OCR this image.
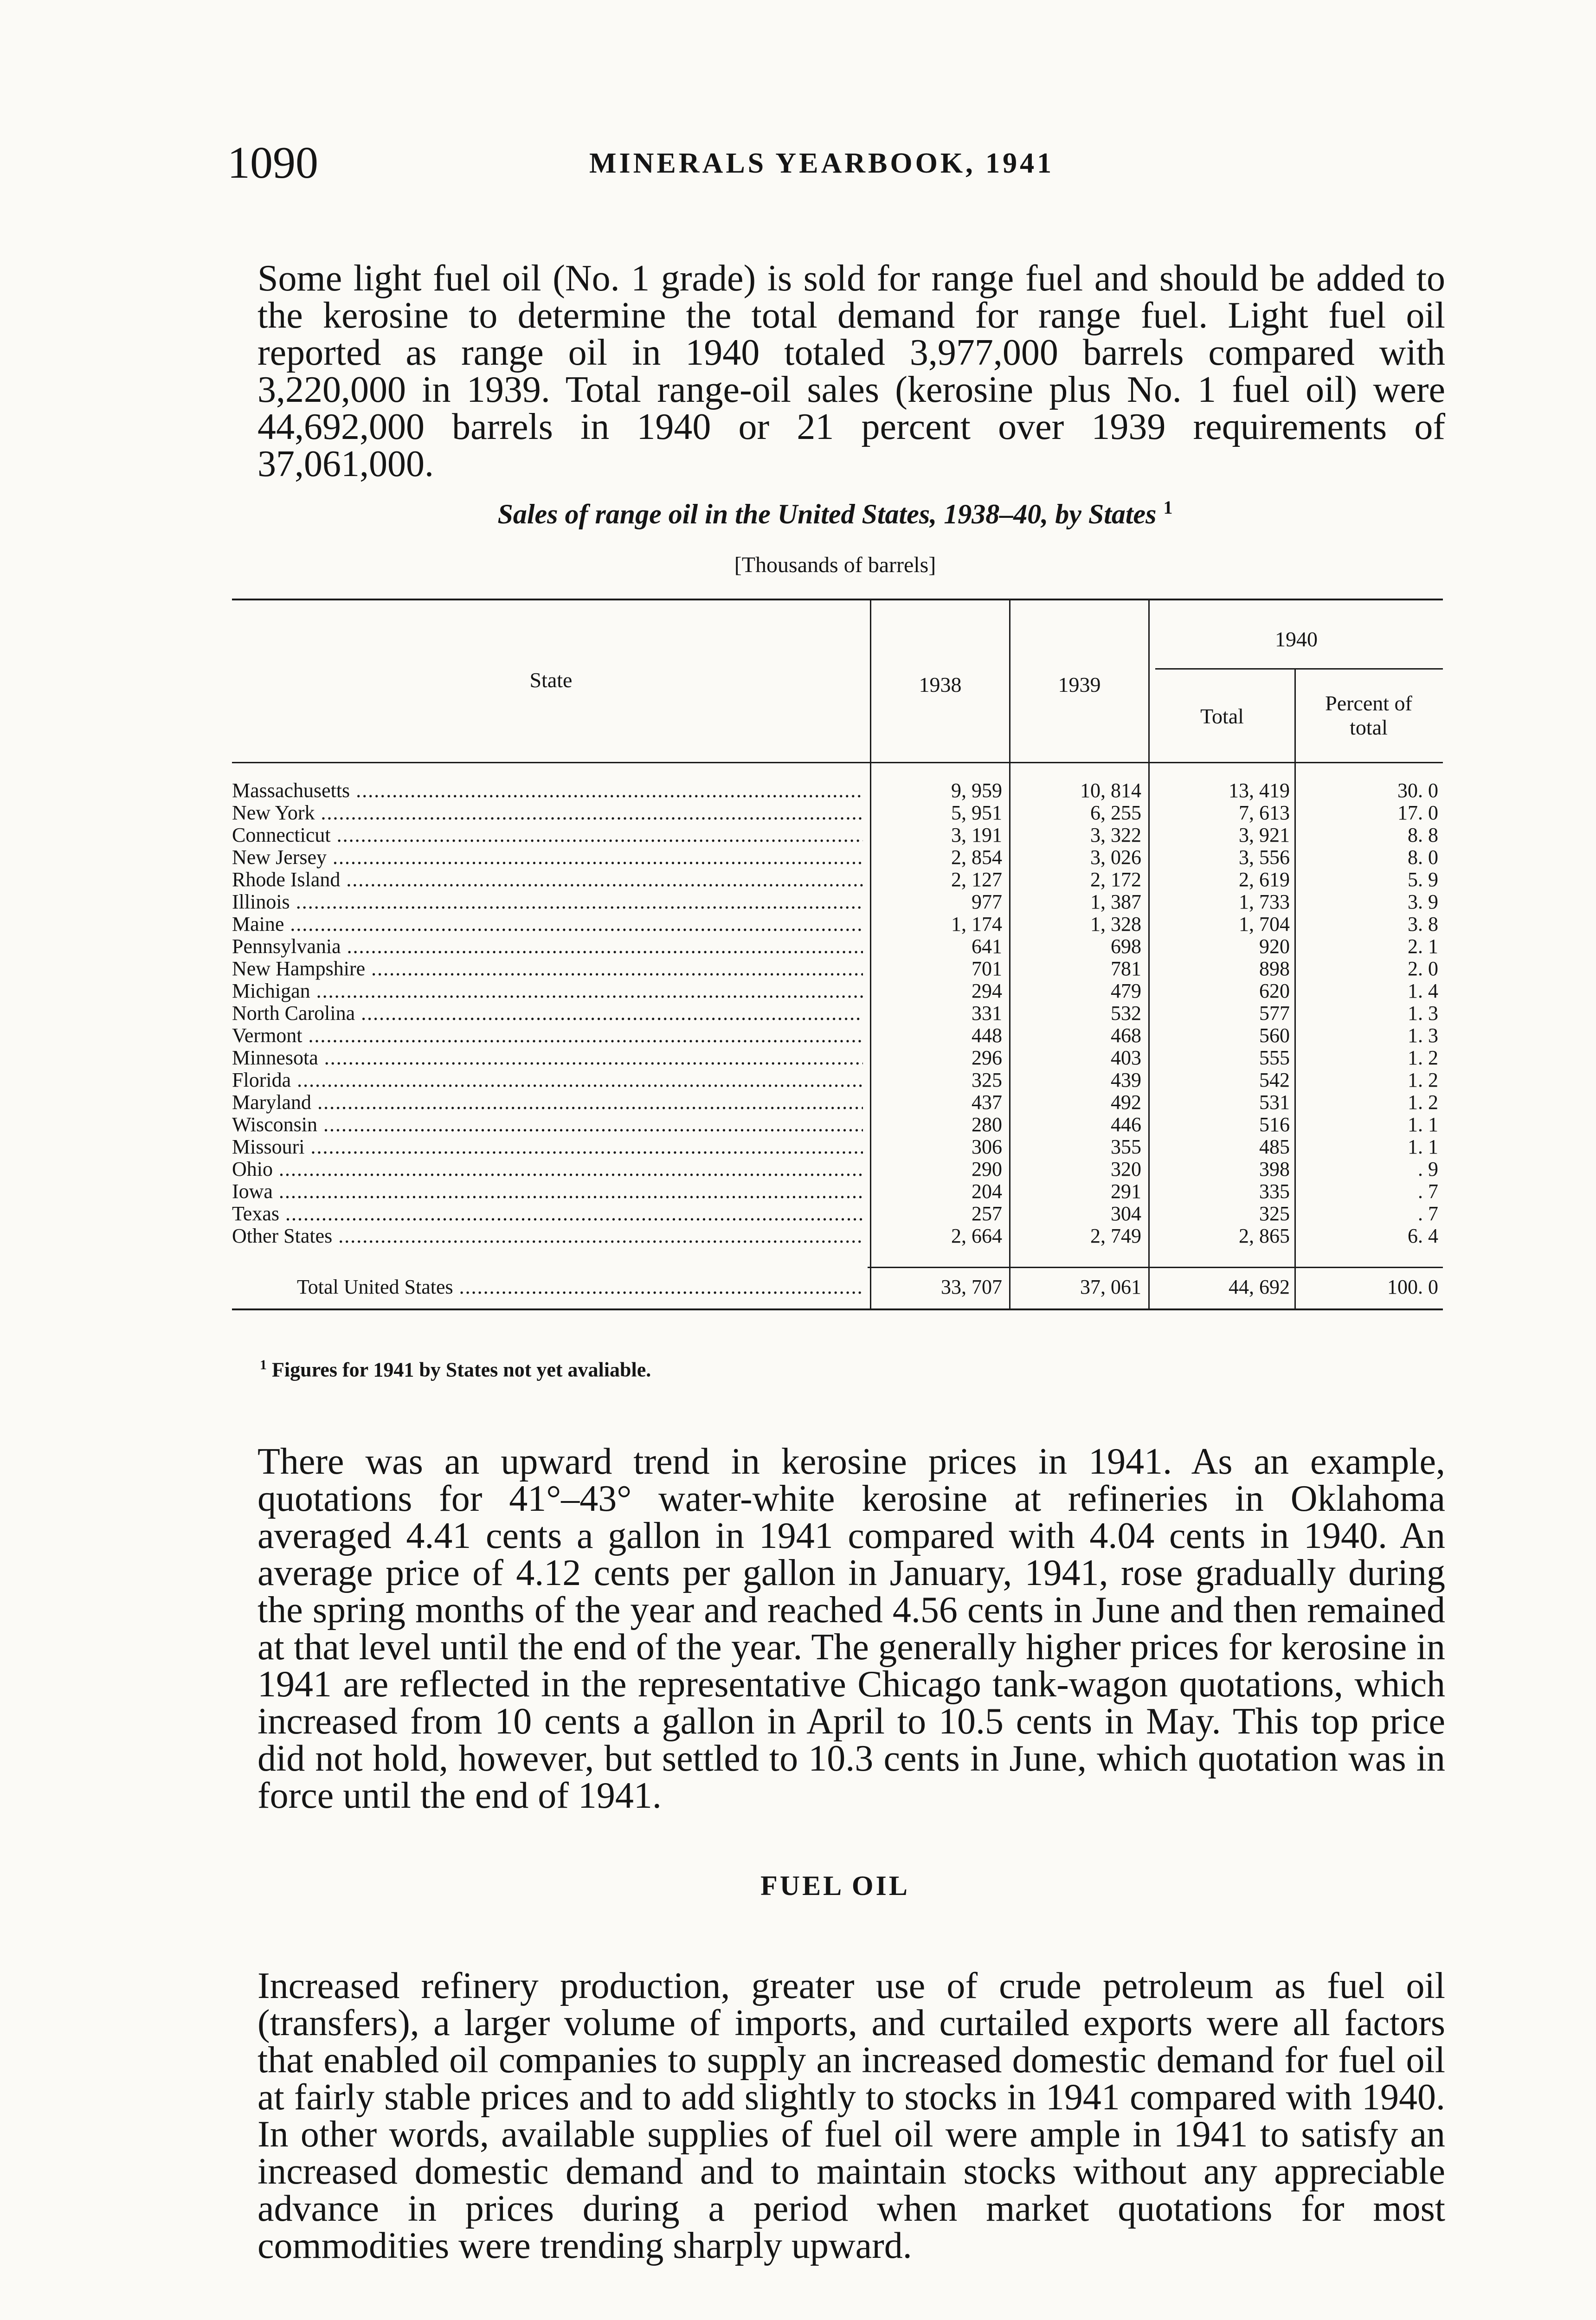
1090	MINERALS YEARBOOK, 1941

Some light fuel oil (No. 1 grade) is sold for range fuel and should be added to the kerosine to determine the total demand for range fuel. Light fuel oil reported as range oil in 1940 totaled 3,977,000 barrels compared with 3,220,000 in 1939. Total range-oil sales (kerosine plus No. 1 fuel oil) were 44,692,000 barrels in 1940 or 21 percent over 1939 requirements of 37,061,000.

Sales of range oil in the United States, 1938–40, by States $^1$
[Thousands of barrels]
State	1938	1939
1940
Total
Percent of total
Massachusetts .....	9, 959	10, 814	13, 419	30. 0
New York .....	5, 951	6, 255	7, 613	17. 0
Connecticut .....	3, 191	3, 322	3, 921	8. 8
New Jersey .....	2, 854	3, 026	3, 556	8. 0
Rhode Island .....	2, 127	2, 172	2, 619	5. 9
Illinois .....	977	1, 387	1, 733	3. 9
Maine .....	1, 174	1, 328	1, 704	3. 8
Pennsylvania .....	641	698	920	2. 1
New Hampshire .....	701	781	898	2. 0
Michigan .....	294	479	620	1. 4
North Carolina .....	331	532	577	1. 3
Vermont .....	448	468	560	1. 3
Minnesota .....	296	403	555	1. 2
Florida .....	325	439	542	1. 2
Maryland .....	437	492	531	1. 2
Wisconsin .....	280	446	516	1. 1
Missouri .....	306	355	485	1. 1
Ohio .....	290	320	398	. 9
Iowa .....	204	291	335	. 7
Texas .....	257	304	325	. 7
Other States .....	2, 664	2, 749	2, 865	6. 4
Total United States .....	33, 707	37, 061	44, 692	100. 0
$^1$ Figures for 1941 by States not yet avaliable.

There was an upward trend in kerosine prices in 1941. As an example, quotations for 41°–43° water-white kerosine at refineries in Oklahoma averaged 4.41 cents a gallon in 1941 compared with 4.04 cents in 1940. An average price of 4.12 cents per gallon in January, 1941, rose gradually during the spring months of the year and reached 4.56 cents in June and then remained at that level until the end of the year. The generally higher prices for kerosine in 1941 are reflected in the representative Chicago tank-wagon quotations, which increased from 10 cents a gallon in April to 10.5 cents in May. This top price did not hold, however, but settled to 10.3 cents in June, which quotation was in force until the end of 1941.

FUEL OIL

Increased refinery production, greater use of crude petroleum as fuel oil (transfers), a larger volume of imports, and curtailed exports were all factors that enabled oil companies to supply an increased domestic demand for fuel oil at fairly stable prices and to add slightly to stocks in 1941 compared with 1940. In other words, available supplies of fuel oil were ample in 1941 to satisfy an increased domestic demand and to maintain stocks without any appreciable advance in prices during a period when market quotations for most commodities were trending sharply upward.
